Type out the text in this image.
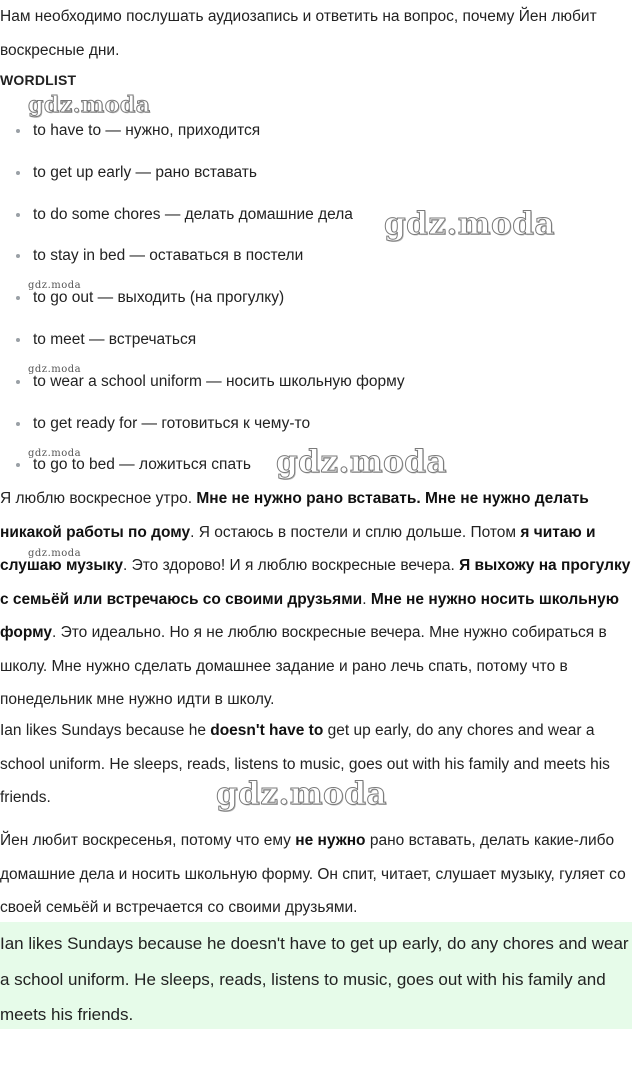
Нам необходимо послушать аудиозапись и ответить на вопрос, почему Йен любит воскресные дни.

WORDLIST

to have to — нужно, приходится
to get up early — рано вставать
to do some chores — делать домашние дела
to stay in bed — оставаться в постели
to go out — выходить (на прогулку)
to meet — встречаться
to wear a school uniform — носить школьную форму
to get ready for — готовиться к чему-то
to go to bed — ложиться спать

Я люблю воскресное утро. Мне не нужно рано вставать. Мне не нужно делать никакой работы по дому. Я остаюсь в постели и сплю дольше. Потом я читаю и слушаю музыку. Это здорово! И я люблю воскресные вечера. Я выхожу на прогулку с семьёй или встречаюсь со своими друзьями. Мне не нужно носить школьную форму. Это идеально. Но я не люблю воскресные вечера. Мне нужно собираться в школу. Мне нужно сделать домашнее задание и рано лечь спать, потому что в понедельник мне нужно идти в школу.

Ian likes Sundays because he doesn't have to get up early, do any chores and wear a school uniform. He sleeps, reads, listens to music, goes out with his family and meets his friends.

Йен любит воскресенья, потому что ему не нужно рано вставать, делать какие-либо домашние дела и носить школьную форму. Он спит, читает, слушает музыку, гуляет со своей семьёй и встречается со своими друзьями.

Ian likes Sundays because he doesn't have to get up early, do any chores and wear a school uniform. He sleeps, reads, listens to music, goes out with his family and meets his friends.

gdz.moda
gdz.moda
gdz.moda
gdz.moda
gdz.moda	gdz.moda
gdz.moda
gdz.moda
